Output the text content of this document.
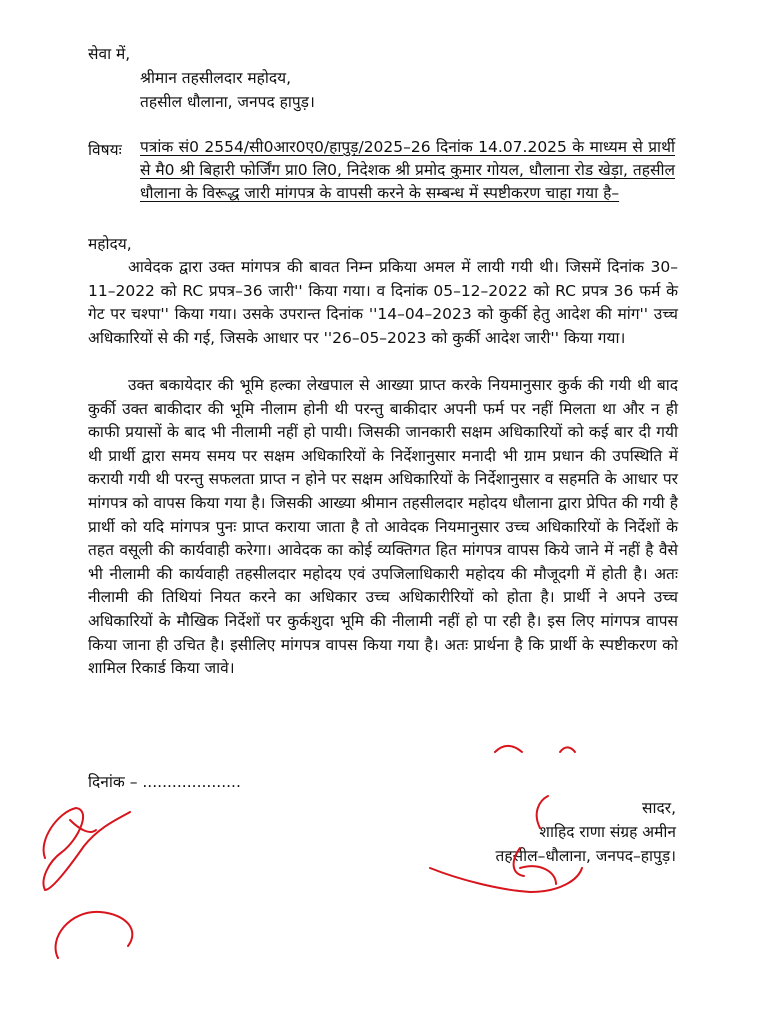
सेवा में,
श्रीमान तहसीलदार महोदय,
तहसील धौलाना, जनपद हापुड़।
विषयः पत्रांक सं0 2554/सी0आर0ए0/हापुड़/2025–26 दिनांक 14.07.2025 के माध्यम से प्रार्थी से मै0 श्री बिहारी फोर्जिंग प्रा0 लि0, निदेशक श्री प्रमोद कुमार गोयल, धौलाना रोड खेड़ा, तहसील धौलाना के विरूद्ध जारी मांगपत्र के वापसी करने के सम्बन्ध में स्पष्टीकरण चाहा गया है–
महोदय,
आवेदक द्वारा उक्त मांगपत्र की बावत निम्न प्रकिया अमल में लायी गयी थी। जिसमें दिनांक 30–11–2022 को RC प्रपत्र–36 जारी'' किया गया। व दिनांक 05–12–2022 को RC प्रपत्र 36 फर्म के गेट पर चश्पा'' किया गया। उसके उपरान्त दिनांक ''14–04–2023 को कुर्की हेतु आदेश की मांग'' उच्च अधिकारियों से की गई, जिसके आधार पर ''26–05–2023 को कुर्की आदेश जारी'' किया गया।
उक्त बकायेदार की भूमि हल्का लेखपाल से आख्या प्राप्त करके नियमानुसार कुर्क की गयी थी बाद कुर्की उक्त बाकीदार की भूमि नीलाम होनी थी परन्तु बाकीदार अपनी फर्म पर नहीं मिलता था और न ही काफी प्रयासों के बाद भी नीलामी नहीं हो पायी। जिसकी जानकारी सक्षम अधिकारियों को कई बार दी गयी थी प्रार्थी द्वारा समय समय पर सक्षम अधिकारियों के निर्देशानुसार मनादी भी ग्राम प्रधान की उपस्थिति में करायी गयी थी परन्तु सफलता प्राप्त न होने पर सक्षम अधिकारियों के निर्देशानुसार व सहमति के आधार पर मांगपत्र को वापस किया गया है। जिसकी आख्या श्रीमान तहसीलदार महोदय धौलाना द्वारा प्रेपित की गयी है प्रार्थी को यदि मांगपत्र पुनः प्राप्त कराया जाता है तो आवेदक नियमानुसार उच्च अधिकारियों के निर्देशों के तहत वसूली की कार्यवाही करेगा। आवेदक का कोई व्यक्तिगत हित मांगपत्र वापस किये जाने में नहीं है वैसे भी नीलामी की कार्यवाही तहसीलदार महोदय एवं उपजिलाधिकारी महोदय की मौजूदगी में होती है। अतः नीलामी की तिथियां नियत करने का अधिकार उच्च अधिकारीरियों को होता है। प्रार्थी ने अपने उच्च अधिकारियों के मौखिक निर्देशों पर कुर्कशुदा भूमि की नीलामी नहीं हो पा रही है। इस लिए मांगपत्र वापस किया जाना ही उचित है। इसीलिए मांगपत्र वापस किया गया है। अतः प्रार्थना है कि प्रार्थी के स्पष्टीकरण को शामिल रिकार्ड किया जावे।
दिनांक – ....................
सादर,
शाहिद राणा संग्रह अमीन
तहसील–धौलाना, जनपद–हापुड़।
